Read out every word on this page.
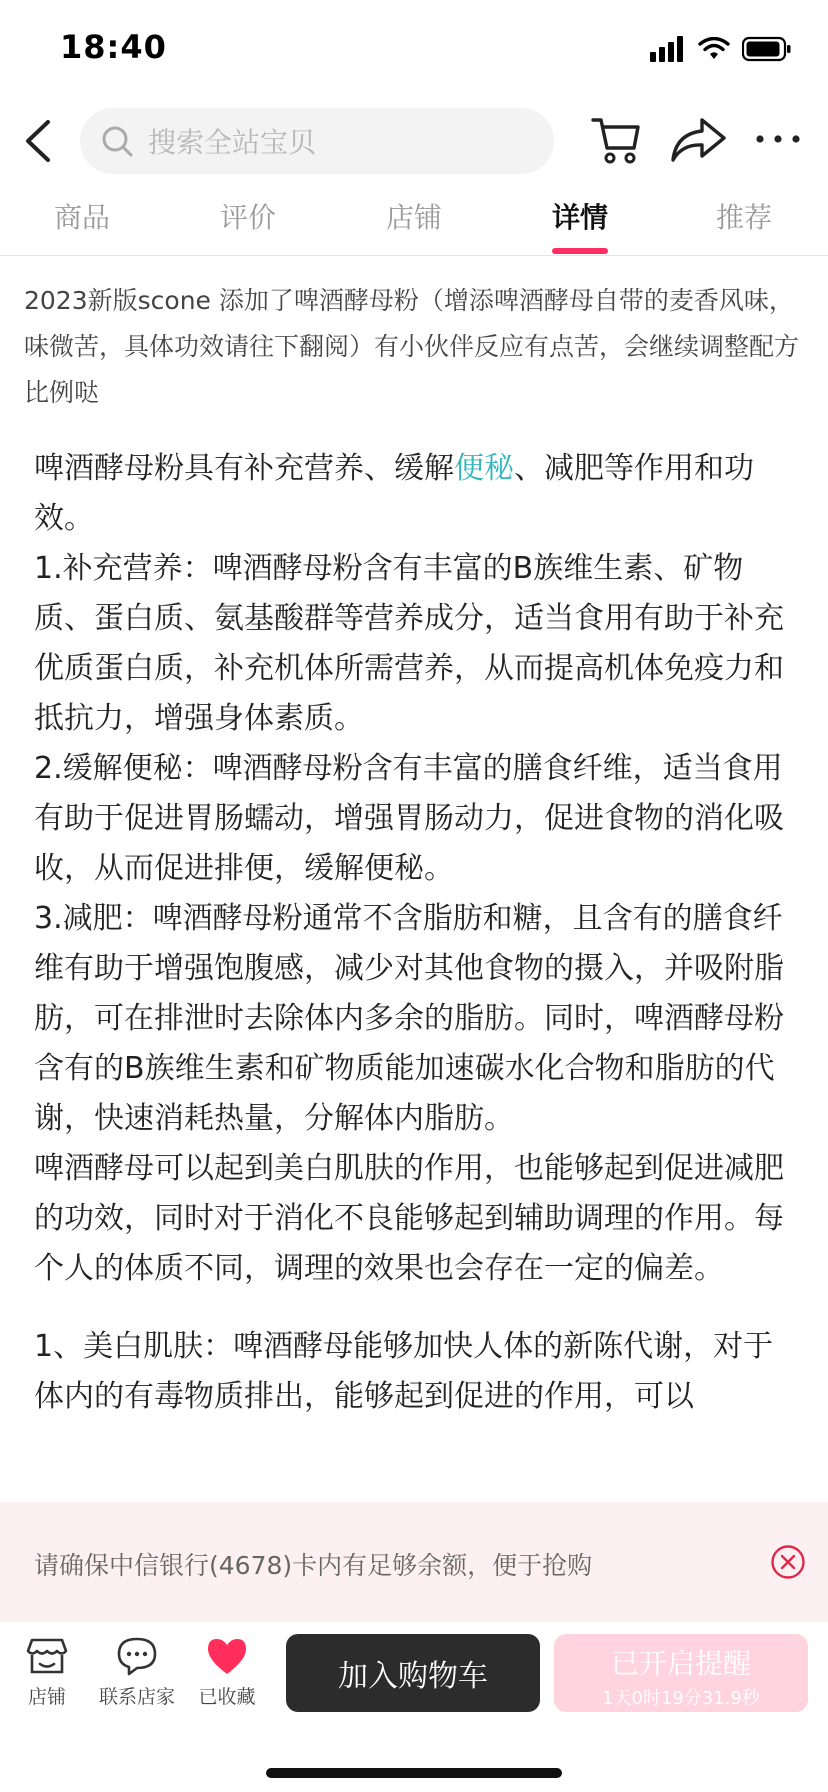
18:40
搜索全站宝贝
商品	评价	店铺	详情	推荐
2023新版scone 添加了啤酒酵母粉（增添啤酒酵母自带的麦香风味，味微苦，具体功效请往下翻阅）有小伙伴反应有点苦，会继续调整配方比例哒

啤酒酵母粉具有补充营养、缓解便秘、减肥等作用和功效。

1.补充营养：啤酒酵母粉含有丰富的B族维生素、矿物质、蛋白质、氨基酸群等营养成分，适当食用有助于补充优质蛋白质，补充机体所需营养，从而提高机体免疫力和抵抗力，增强身体素质。

2.缓解便秘：啤酒酵母粉含有丰富的膳食纤维，适当食用有助于促进胃肠蠕动，增强胃肠动力，促进食物的消化吸收，从而促进排便，缓解便秘。

3.减肥：啤酒酵母粉通常不含脂肪和糖，且含有的膳食纤维有助于增强饱腹感，减少对其他食物的摄入，并吸附脂肪，可在排泄时去除体内多余的脂肪。同时，啤酒酵母粉含有的B族维生素和矿物质能加速碳水化合物和脂肪的代谢，快速消耗热量，分解体内脂肪。

啤酒酵母可以起到美白肌肤的作用，也能够起到促进减肥的功效，同时对于消化不良能够起到辅助调理的作用。每个人的体质不同，调理的效果也会存在一定的偏差。

1、美白肌肤：啤酒酵母能够加快人体的新陈代谢，对于体内的有毒物质排出，能够起到促进的作用，可以

请确保中信银行(4678)卡内有足够余额，便于抢购
店铺	联系店家	已收藏
加入购物车	已开启提醒
1天0时19分31.9秒
